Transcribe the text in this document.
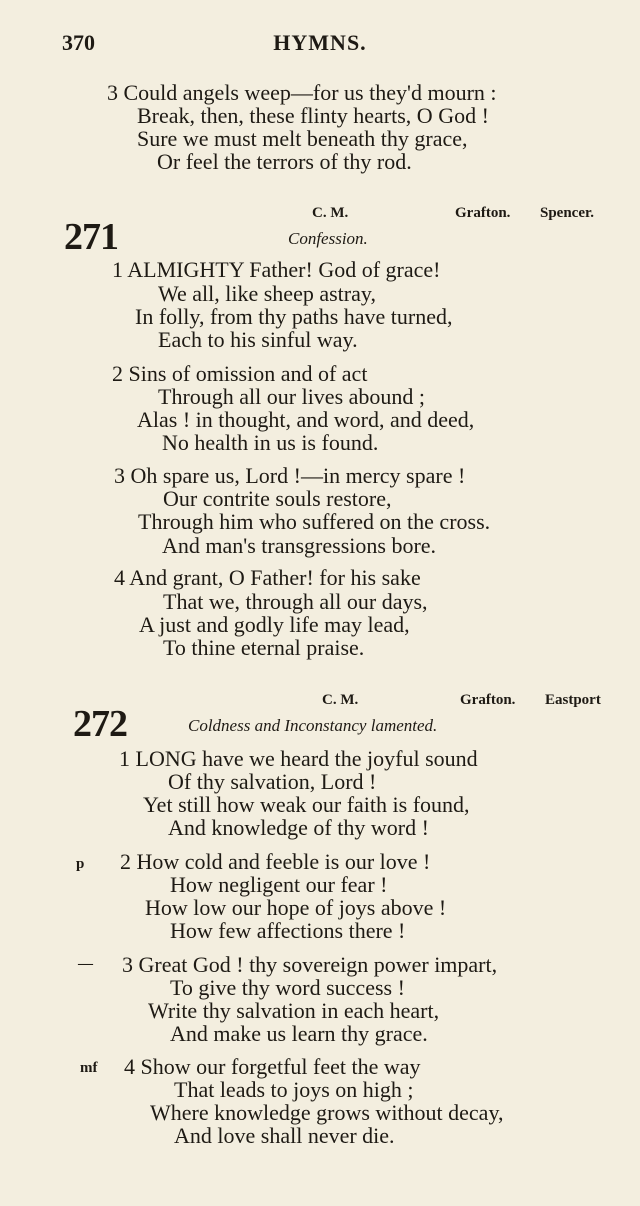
370	HYMNS.
3 Could angels weep—for us they'd mourn :
Break, then, these flinty hearts, O God !
Sure we must melt beneath thy grace,
Or feel the terrors of thy rod.
C. M.	Grafton. Spencer.
271	Confession.
1 ALMIGHTY Father! God of grace!
We all, like sheep astray,
In folly, from thy paths have turned,
Each to his sinful way.
2 Sins of omission and of act
Through all our lives abound ;
Alas ! in thought, and word, and deed,
No health in us is found.
3 Oh spare us, Lord !—in mercy spare !
Our contrite souls restore,
Through him who suffered on the cross.
And man's transgressions bore.
4 And grant, O Father! for his sake
That we, through all our days,
A just and godly life may lead,
To thine eternal praise.
C. M.	Grafton. Eastport
272	Coldness and Inconstancy lamented.
1 LONG have we heard the joyful sound
Of thy salvation, Lord !
Yet still how weak our faith is found,
And knowledge of thy word !
p 2 How cold and feeble is our love !
How negligent our fear !
How low our hope of joys above !
How few affections there !
— 3 Great God ! thy sovereign power impart,
To give thy word success !
Write thy salvation in each heart,
And make us learn thy grace.
mf 4 Show our forgetful feet the way
That leads to joys on high ;
Where knowledge grows without decay,
And love shall never die.
